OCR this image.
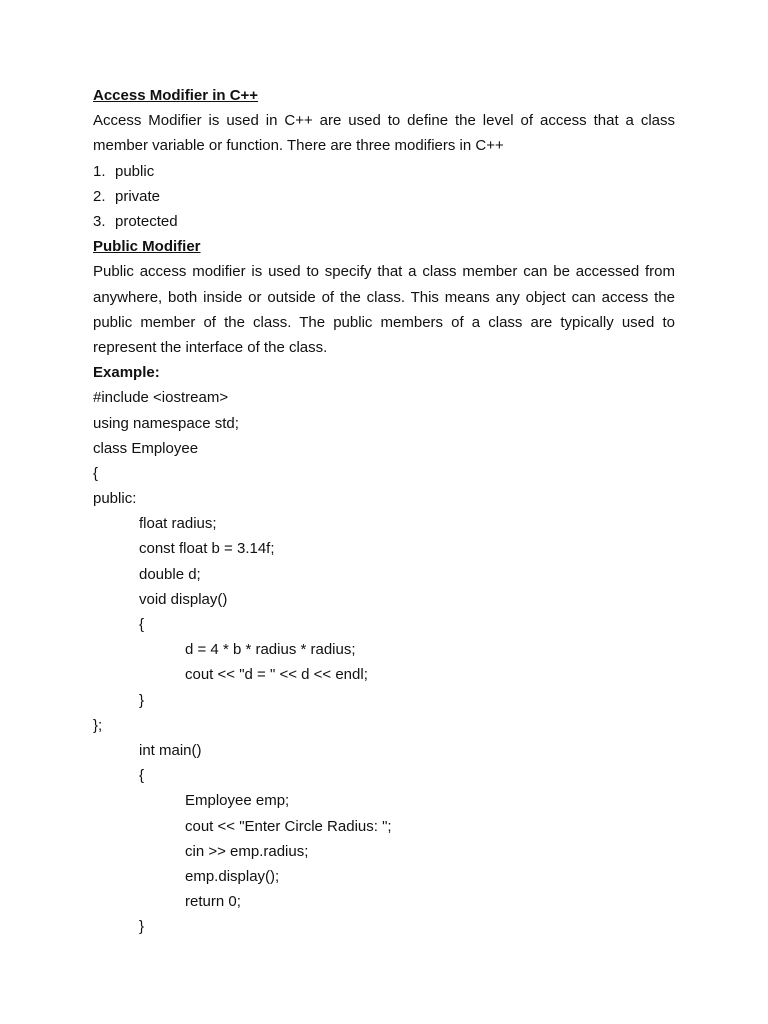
Access Modifier in C++
Access Modifier is used in C++ are used to define the level of access that a class member variable or function. There are three modifiers in C++
1. public
2. private
3. protected
Public Modifier
Public access modifier is used to specify that a class member can be accessed from anywhere, both inside or outside of the class. This means any object can access the public member of the class. The public members of a class are typically used to represent the interface of the class.
Example:
#include <iostream>
using namespace std;
class Employee
{
public:
float radius;
const float b = 3.14f;
double d;
void display()
{
d = 4 * b * radius * radius;
cout << "d = " << d << endl;
}
};
int main()
{
Employee emp;
cout << "Enter Circle Radius: ";
cin >> emp.radius;
emp.display();
return 0;
}
